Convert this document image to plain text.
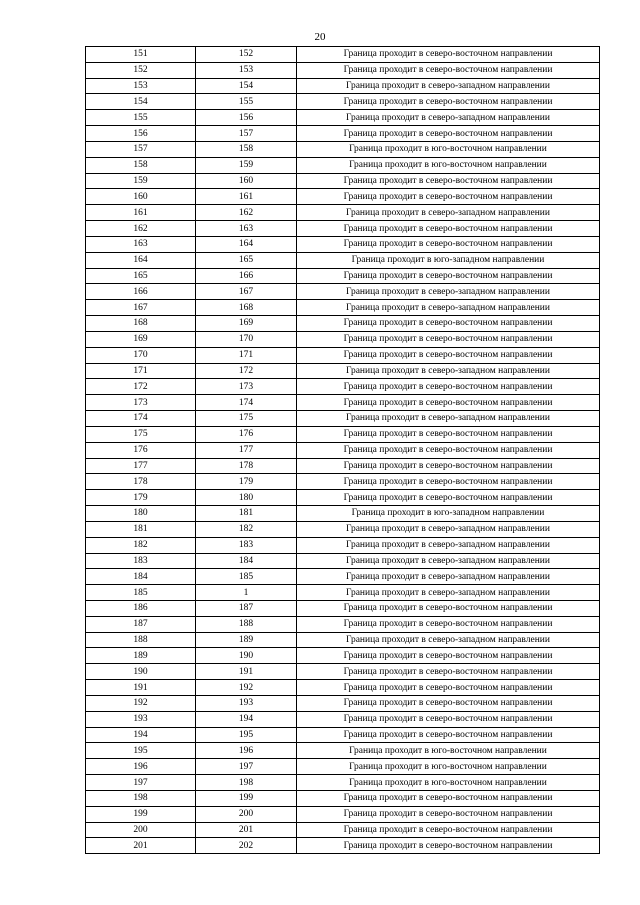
20
151	152	Граница проходит в северо-восточном направлении
152	153	Граница проходит в северо-восточном направлении
153	154	Граница проходит в северо-западном направлении
154	155	Граница проходит в северо-восточном направлении
155	156	Граница проходит в северо-западном направлении
156	157	Граница проходит в северо-восточном направлении
157	158	Граница проходит в юго-восточном направлении
158	159	Граница проходит в юго-восточном направлении
159	160	Граница проходит в северо-восточном направлении
160	161	Граница проходит в северо-восточном направлении
161	162	Граница проходит в северо-западном направлении
162	163	Граница проходит в северо-восточном направлении
163	164	Граница проходит в северо-восточном направлении
164	165	Граница проходит в юго-западном направлении
165	166	Граница проходит в северо-восточном направлении
166	167	Граница проходит в северо-западном направлении
167	168	Граница проходит в северо-западном направлении
168	169	Граница проходит в северо-восточном направлении
169	170	Граница проходит в северо-восточном направлении
170	171	Граница проходит в северо-восточном направлении
171	172	Граница проходит в северо-западном направлении
172	173	Граница проходит в северо-восточном направлении
173	174	Граница проходит в северо-восточном направлении
174	175	Граница проходит в северо-западном направлении
175	176	Граница проходит в северо-восточном направлении
176	177	Граница проходит в северо-восточном направлении
177	178	Граница проходит в северо-восточном направлении
178	179	Граница проходит в северо-восточном направлении
179	180	Граница проходит в северо-восточном направлении
180	181	Граница проходит в юго-западном направлении
181	182	Граница проходит в северо-западном направлении
182	183	Граница проходит в северо-западном направлении
183	184	Граница проходит в северо-западном направлении
184	185	Граница проходит в северо-западном направлении
185	1	Граница проходит в северо-западном направлении
186	187	Граница проходит в северо-восточном направлении
187	188	Граница проходит в северо-восточном направлении
188	189	Граница проходит в северо-западном направлении
189	190	Граница проходит в северо-восточном направлении
190	191	Граница проходит в северо-восточном направлении
191	192	Граница проходит в северо-восточном направлении
192	193	Граница проходит в северо-восточном направлении
193	194	Граница проходит в северо-восточном направлении
194	195	Граница проходит в северо-восточном направлении
195	196	Граница проходит в юго-восточном направлении
196	197	Граница проходит в юго-восточном направлении
197	198	Граница проходит в юго-восточном направлении
198	199	Граница проходит в северо-восточном направлении
199	200	Граница проходит в северо-восточном направлении
200	201	Граница проходит в северо-восточном направлении
201	202	Граница проходит в северо-восточном направлении
